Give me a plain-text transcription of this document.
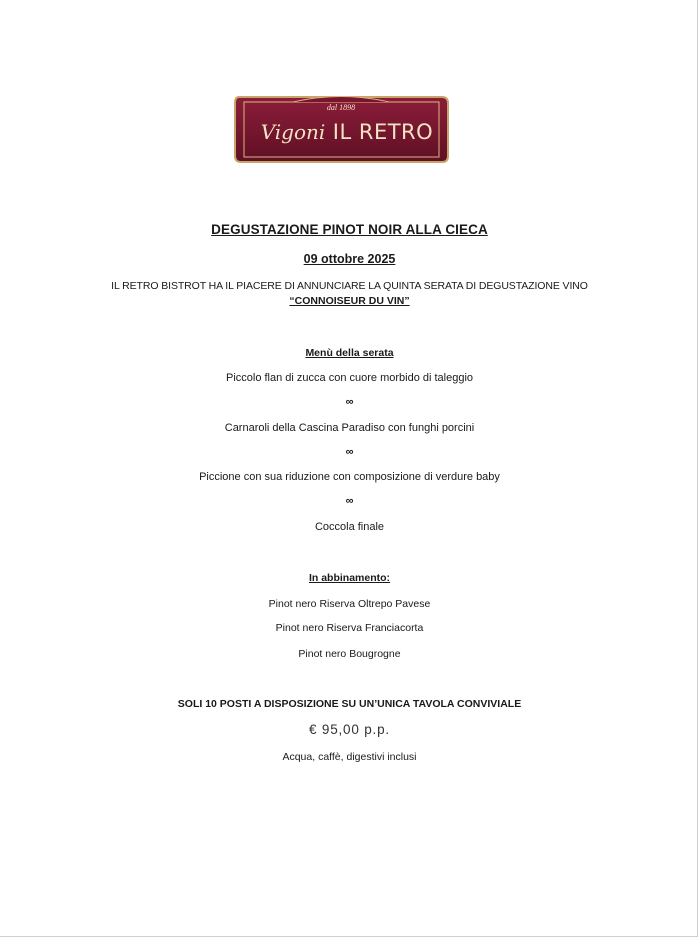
dal 1898
Vigoni IL RETRO
DEGUSTAZIONE PINOT NOIR ALLA CIECA
09 ottobre 2025
IL RETRO BISTROT HA IL PIACERE DI ANNUNCIARE LA QUINTA SERATA DI DEGUSTAZIONE VINO
“CONNOISEUR DU VIN”
Menù della serata
Piccolo flan di zucca con cuore morbido di taleggio
∞
Carnaroli della Cascina Paradiso con funghi porcini
∞
Piccione con sua riduzione con composizione di verdure baby
∞
Coccola finale
In abbinamento:
Pinot nero Riserva Oltrepo Pavese
Pinot nero Riserva Franciacorta
Pinot nero Bougrogne
SOLI 10 POSTI A DISPOSIZIONE SU UN’UNICA TAVOLA CONVIVIALE
€ 95,00 p.p.
Acqua, caffè, digestivi inclusi
